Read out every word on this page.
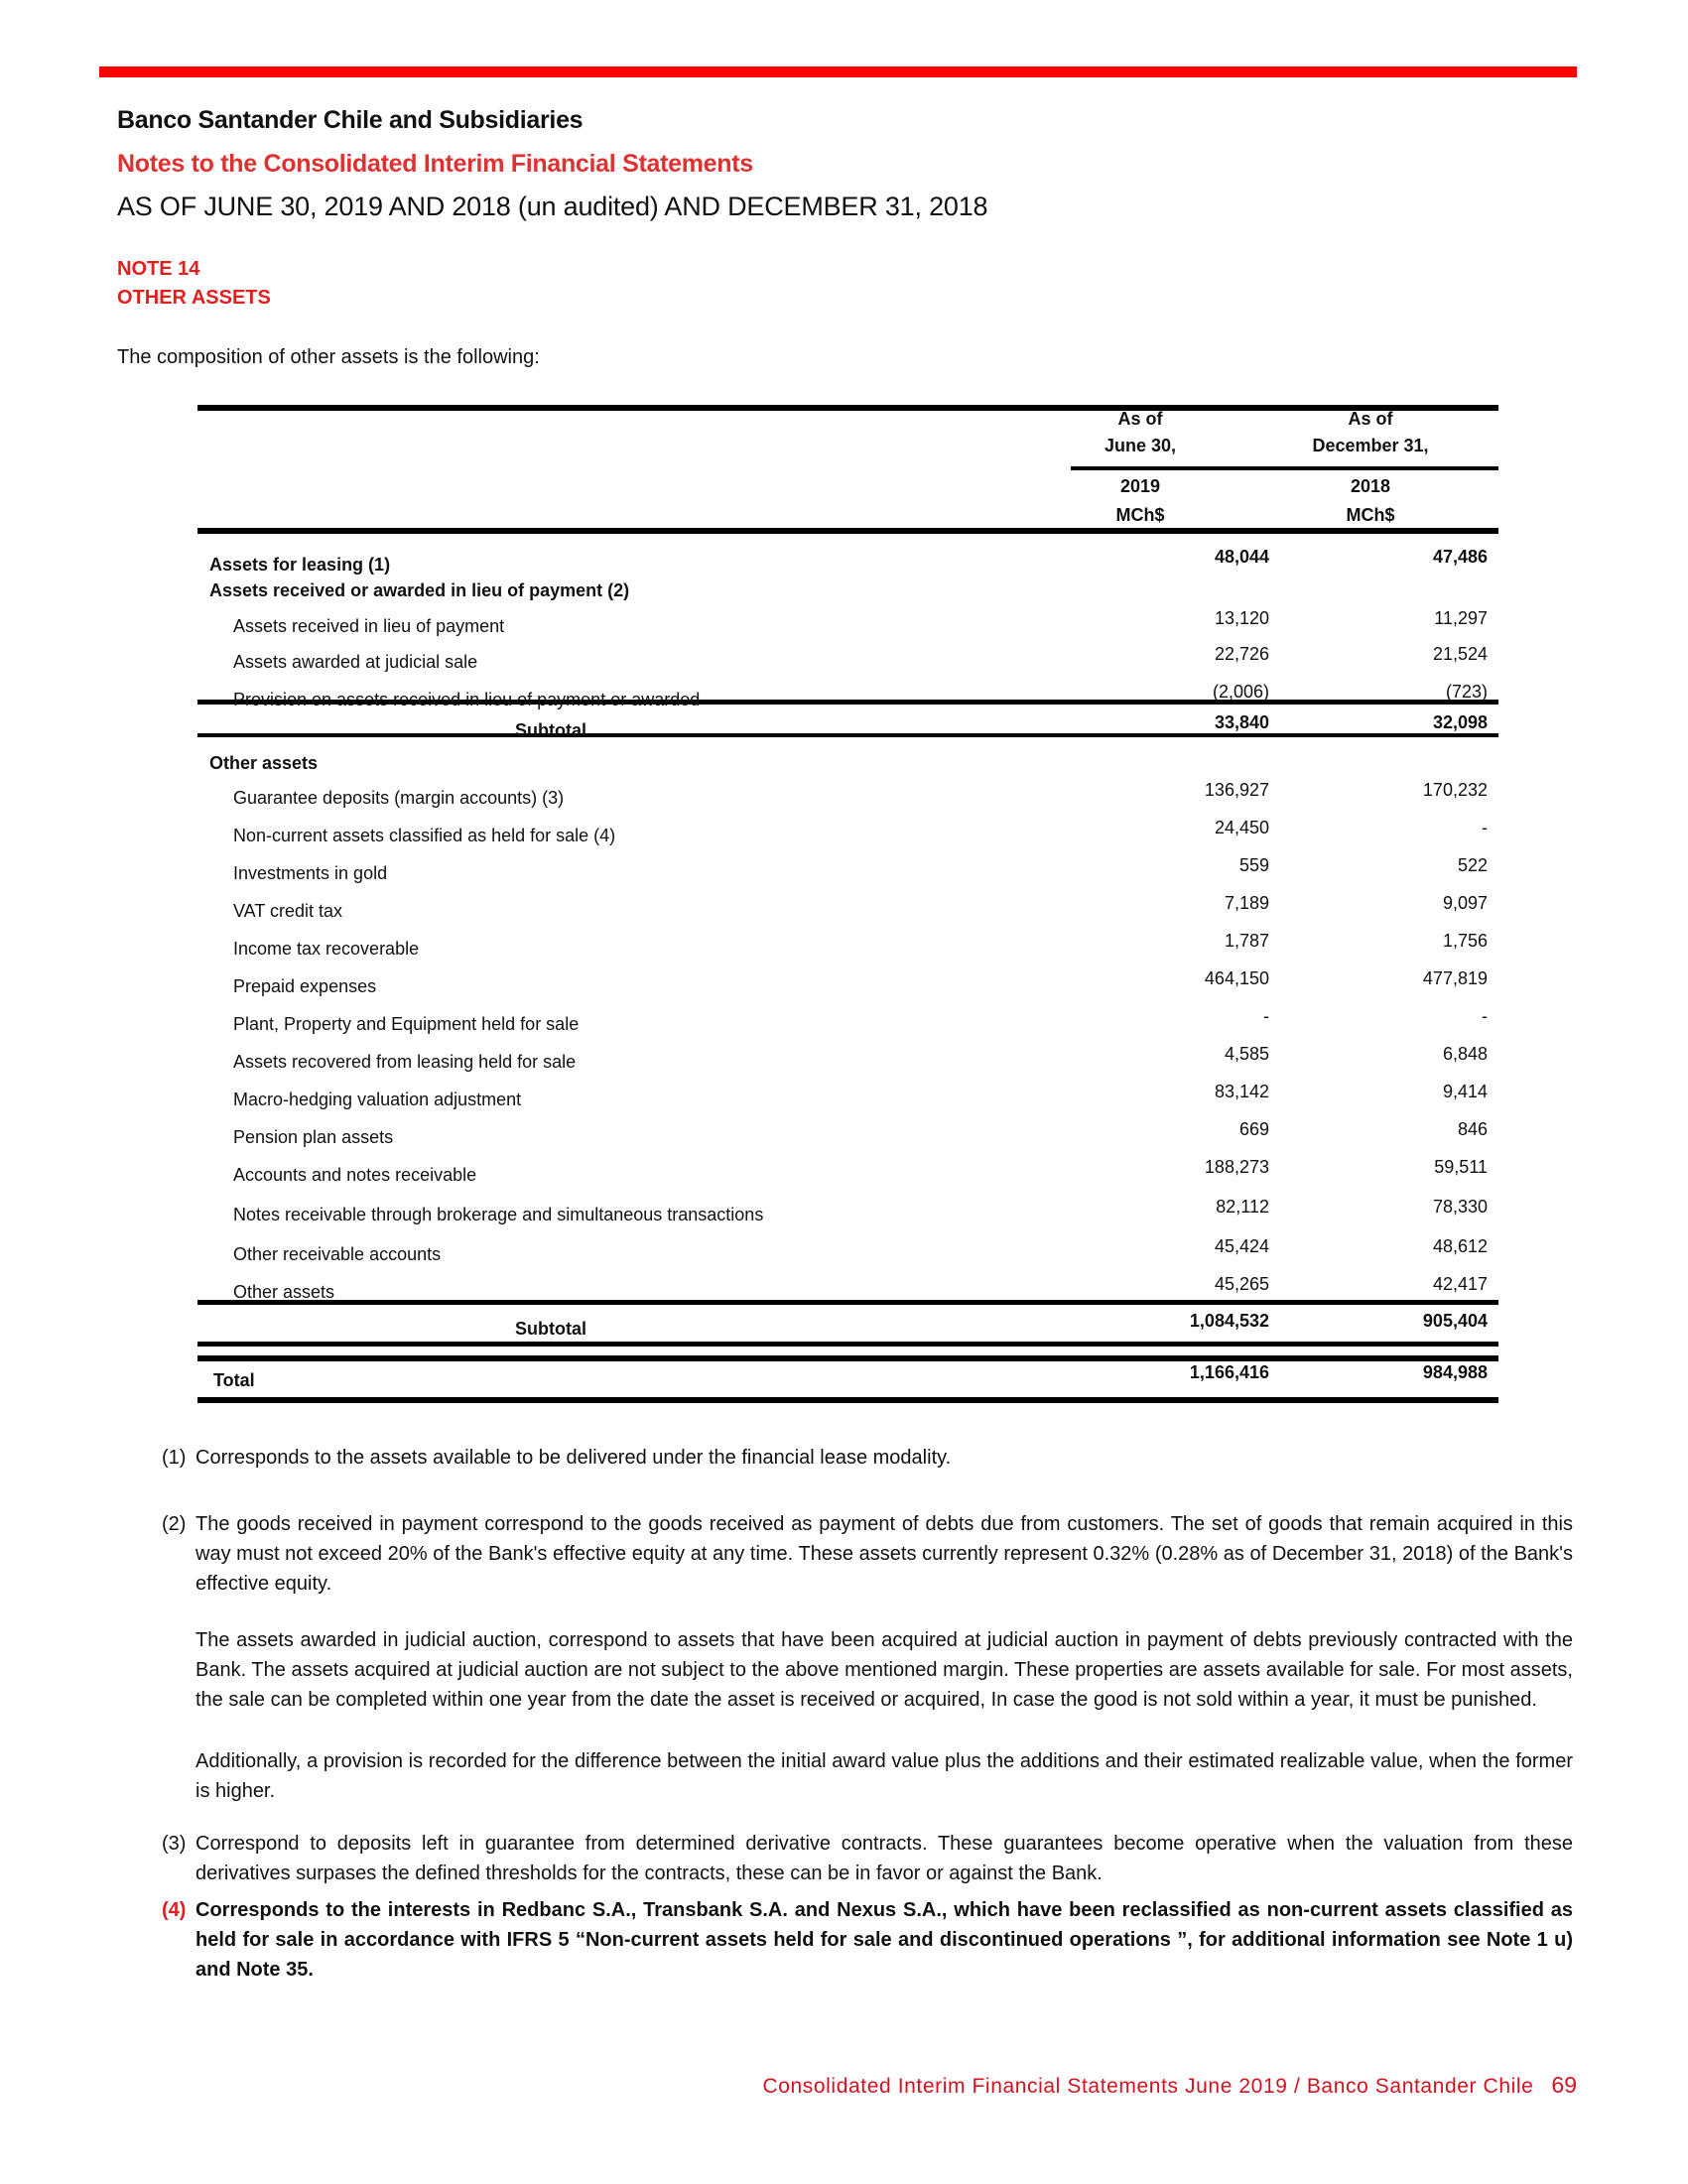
Banco Santander Chile and Subsidiaries
Notes to the Consolidated Interim Financial Statements
AS OF JUNE 30, 2019 AND 2018 (un audited) AND DECEMBER 31, 2018
NOTE 14
OTHER ASSETS
The composition of other assets is the following:
As of
June 30,
2019
MCh$
As of
December 31,
2018
MCh$
Assets for leasing (1)	48,044	47,486
Assets received or awarded in lieu of payment (2)
Assets received in lieu of payment	13,120	11,297
Assets awarded at judicial sale	22,726	21,524
Provision on assets received in lieu of payment or awarded	(2,006)	(723)
Subtotal	33,840	32,098
Other assets
Guarantee deposits (margin accounts) (3)	136,927	170,232
Non-current assets classified as held for sale (4)	24,450	-
Investments in gold	559	522
VAT credit tax	7,189	9,097
Income tax recoverable	1,787	1,756
Prepaid expenses	464,150	477,819
Plant, Property and Equipment held for sale	-	-
Assets recovered from leasing held for sale	4,585	6,848
Macro-hedging valuation adjustment	83,142	9,414
Pension plan assets	669	846
Accounts and notes receivable	188,273	59,511
Notes receivable through brokerage and simultaneous transactions	82,112	78,330
Other receivable accounts	45,424	48,612
Other assets	45,265	42,417
Subtotal	1,084,532	905,404
Total	1,166,416	984,988
(1) Corresponds to the assets available to be delivered under the financial lease modality.
(2) The goods received in payment correspond to the goods received as payment of debts due from customers. The set of goods that remain acquired in this way must not exceed 20% of the Bank's effective equity at any time. These assets currently represent 0.32% (0.28% as of December 31, 2018) of the Bank's effective equity.
The assets awarded in judicial auction, correspond to assets that have been acquired at judicial auction in payment of debts previously contracted with the Bank. The assets acquired at judicial auction are not subject to the above mentioned margin. These properties are assets available for sale. For most assets, the sale can be completed within one year from the date the asset is received or acquired, In case the good is not sold within a year, it must be punished.
Additionally, a provision is recorded for the difference between the initial award value plus the additions and their estimated realizable value, when the former is higher.
(3) Correspond to deposits left in guarantee from determined derivative contracts. These guarantees become operative when the valuation from these derivatives surpases the defined thresholds for the contracts, these can be in favor or against the Bank.
(4) Corresponds to the interests in Redbanc S.A., Transbank S.A. and Nexus S.A., which have been reclassified as non-current assets classified as held for sale in accordance with IFRS 5 “Non-current assets held for sale and discontinued operations ”, for additional information see Note 1 u) and Note 35.
Consolidated Interim Financial Statements June 2019 / Banco Santander Chile 69
